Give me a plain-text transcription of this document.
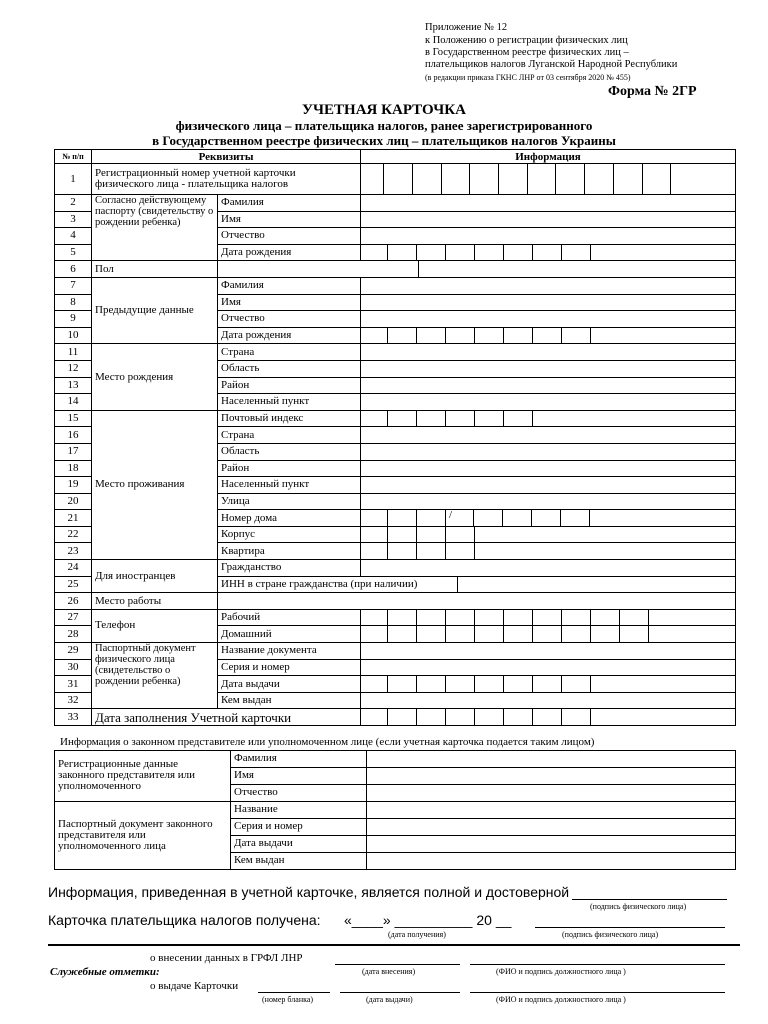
Приложение № 12
к Положению о регистрации физических лиц
в Государственном реестре физических лиц –
плательщиков налогов Луганской Народной Республики
(в редакции приказа ГКНС ЛНР от 03 сентября 2020 № 455)
Форма № 2ГР
УЧЕТНАЯ КАРТОЧКА
физического лица – плательщика налогов, ранее зарегистрированного
в Государственном реестре физических лиц – плательщиков налогов Украины
№ п/п	Реквизиты		Информация
1	Регистрационный номер учетной карточки физического лица - плательщика налогов		

2	Согласно действующему паспорту (свидетельству о рождении ребенка)	Фамилия	
3		Имя	
4		Отчество	
5		Дата рождения	

6	Пол		

7	Предыдущие данные	Фамилия	
8		Имя	
9		Отчество	
10		Дата рождения	

11	Место рождения	Страна	
12		Область	
13		Район	
14		Населенный пункт	
15	Место проживания	Почтовый индекс	

16		Страна	
17		Область	
18		Район	
19		Населенный пункт	
20		Улица	
21		Номер дома	/

22		Корпус	

23		Квартира	

24	Для иностранцев	Гражданство	
25		ИНН в стране гражданства (при наличии)	

26	Место работы		
27	Телефон	Рабочий	

28		Домашний	

29	Паспортный документ физического лица (свидетельство о рождении ребенка)	Название документа	
30		Серия и номер	
31		Дата выдачи	

32		Кем выдан	
33	Дата заполнения Учетной карточки		
Информация о законном представителе или уполномоченном лице (если учетная карточка подается таким лицом)
Регистрационные данные законного представителя или уполномоченного	Фамилия	
	Имя	
	Отчество	
Паспортный документ законного представителя или уполномоченного лица	Название	
	Серия и номер	
	Дата выдачи	
	Кем выдан	
Информация, приведенная в учетной карточке, является полной и достоверной
(подпись физического лица)
Карточка плательщика налогов получена: «____» __________ 20 __
(дата получения)	(подпись физического лица)
о внесении данных в ГРФЛ ЛНР
Служебные отметки:	(дата внесения)	(ФИО и подпись должностного лица )
о выдаче Карточки
(номер бланка)	(дата выдачи)	(ФИО и подпись должностного лица )
